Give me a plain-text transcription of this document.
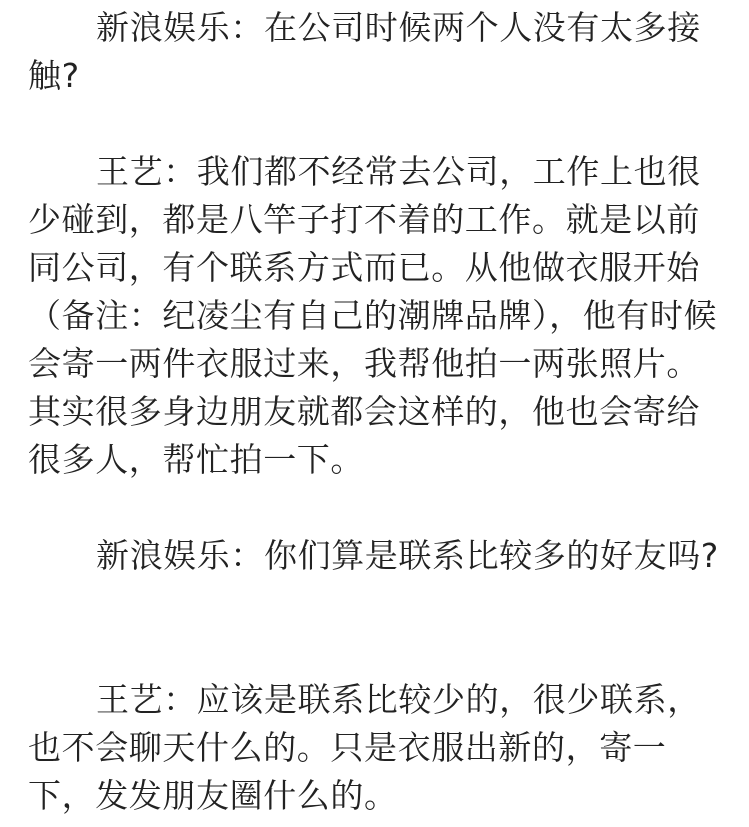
新浪娱乐：在公司时候两个人没有太多接触?

王艺：我们都不经常去公司，工作上也很少碰到，都是八竿子打不着的工作。就是以前同公司，有个联系方式而已。从他做衣服开始（备注：纪凌尘有自己的潮牌品牌），他有时候会寄一两件衣服过来，我帮他拍一两张照片。其实很多身边朋友就都会这样的，他也会寄给很多人，帮忙拍一下。

新浪娱乐：你们算是联系比较多的好友吗?

王艺：应该是联系比较少的，很少联系，也不会聊天什么的。只是衣服出新的，寄一下，发发朋友圈什么的。
